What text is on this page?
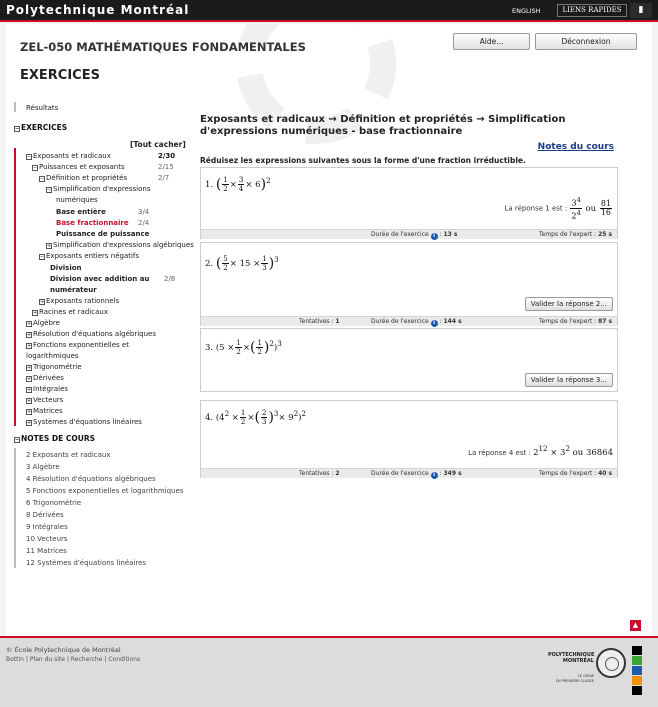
Polytechnique Montréal	ENGLISH	LIENS RAPIDES	▮
ZEL-050 MATHÉMATIQUES FONDAMENTALES
EXERCICES
Aide...	Déconnexion
Résultats
− EXERCICES
[Tout cacher]
− Exposants et radicaux	2/30
− Puissances et exposants	2/15
− Définition et propriétés	2/7
− Simplification d'expressions
numériques
Base entière	3/4
Base fractionnaire 2/4
Puissance de puissance
+ Simplification d'expressions algébriques
− Exposants entiers négatifs
Division
Division avec addition au 2/8
numérateur
+ Exposants rationnels
+ Racines et radicaux
+ Algèbre
+ Résolution d'équations algébriques
+ Fonctions exponentielles et
logarithmiques
+ Trigonométrie
+ Dérivées
+ Intégrales
+ Vecteurs
+ Matrices
+ Systèmes d'équations linéaires
− NOTES DE COURS
2 Exposants et radicaux
3 Algèbre
4 Résolution d'équations algébriques
5 Fonctions exponentielles et logarithmiques
6 Trigonométrie
8 Dérivées
9 Intégrales
10 Vecteurs
11 Matrices
12 Systèmes d'équations linéaires
Exposants et radicaux → Définition et propriétés → Simplification d'expressions numériques - base fractionnaire
Notes du cours
Réduisez les expressions suivantes sous la forme d'une fraction irréductible.
1. ( $\frac{1}{2} \times \frac{3}{4} \times 6)^2$
La réponse 1 est : $\frac{3^4}{2^4}$ ou $\frac{81}{16}$
Durée de l'exercice i : 13 s	Temps de l'expert : 25 s
2. ( $\frac{5}{2} \times 15 \times \frac{1}{3} )^3$
Valider la réponse 2...
Tentatives : 1	Durée de l'exercice i : 144 s	Temps de l'expert : 87 s
3. ($5 \times \frac{1}{2}$ ×( $\frac{1}{2} )^2)^3$
Valider la réponse 3...
4. ($4^2 \times \frac{1}{2}$ ×( $\frac{2}{3} )^3\times 9^2)^2$
La réponse 4 est : $2^{12} \times 3^2$ ou 36864
Tentatives : 2	Durée de l'exercice i : 349 s	Temps de l'expert : 40 s
▲
© École Polytechnique de Montréal
Bottin | Plan du site | Recherche | Conditions
POLYTECHNIQUE
MONTRÉAL
LE GÉNIE
EN PREMIÈRE CLASSE
